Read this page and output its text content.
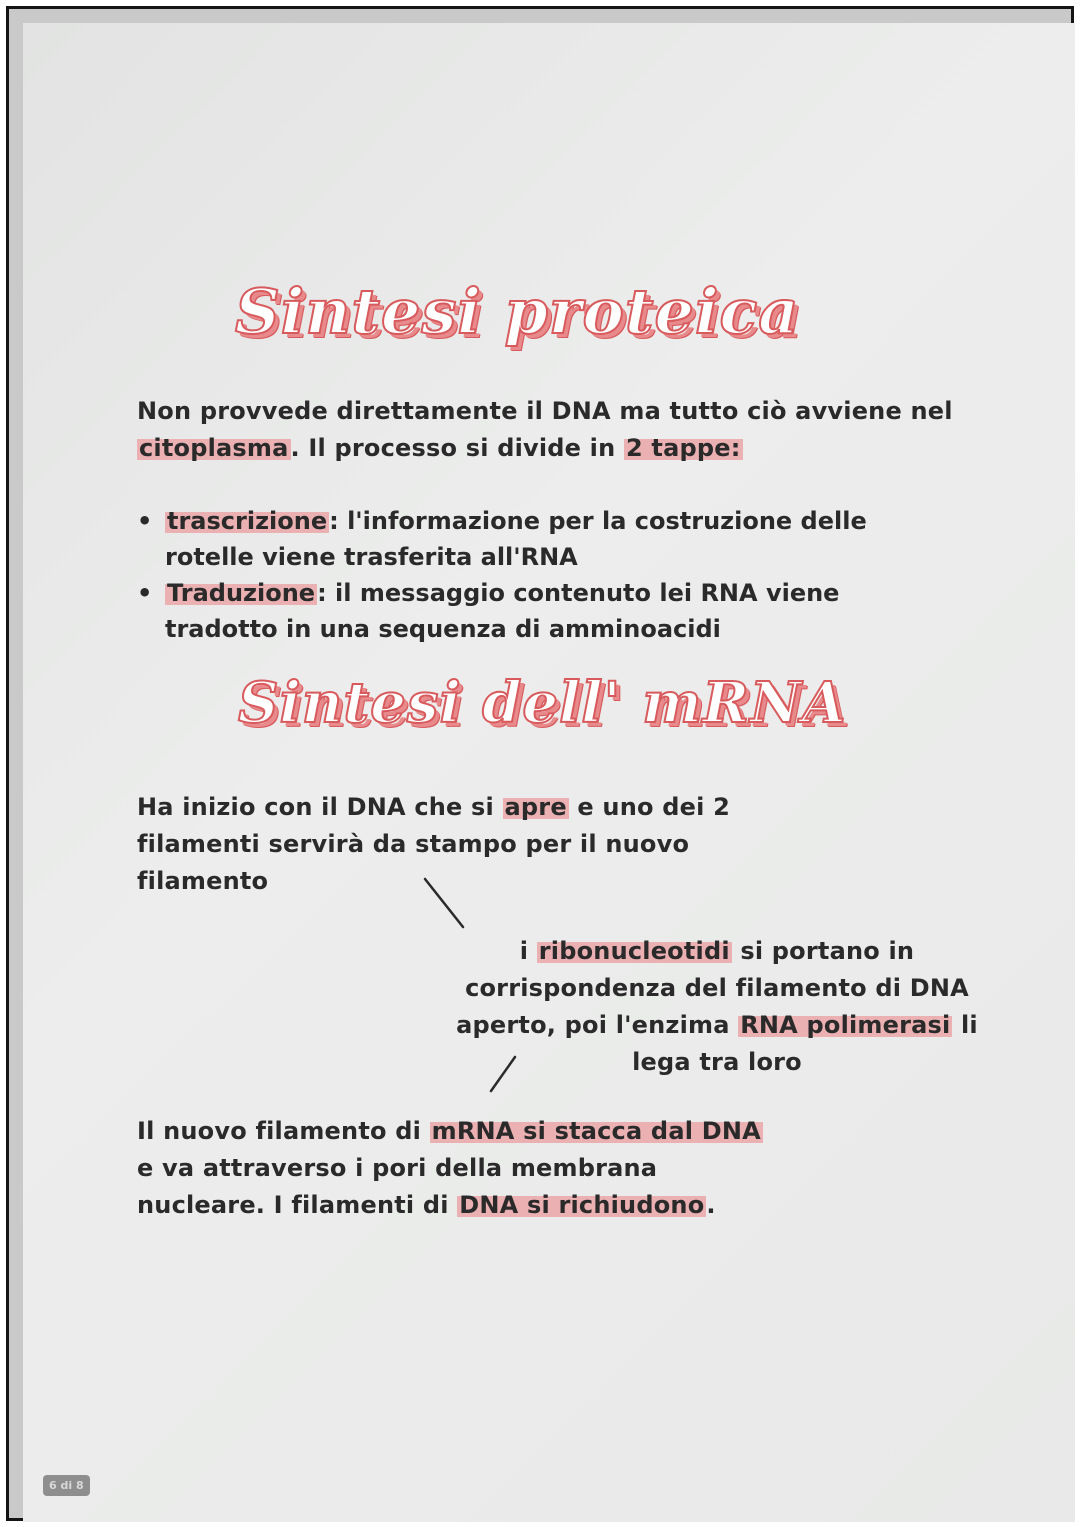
Sintesi proteica

Non provvede direttamente il DNA ma tutto ciò avviene nel citoplasma. Il processo si divide in 2 tappe:

• trascrizione: l'informazione per la costruzione delle rotelle viene trasferita all'RNA
• Traduzione: il messaggio contenuto lei RNA viene tradotto in una sequenza di amminoacidi
Sintesi dell' mRNA

Ha inizio con il DNA che si apre e uno dei 2 filamenti servirà da stampo per il nuovo filamento

i ribonucleotidi si portano in corrispondenza del filamento di DNA aperto, poi l'enzima RNA polimerasi li lega tra loro

Il nuovo filamento di mRNA si stacca dal DNA e va attraverso i pori della membrana nucleare. I filamenti di DNA si richiudono.

6 di 8
